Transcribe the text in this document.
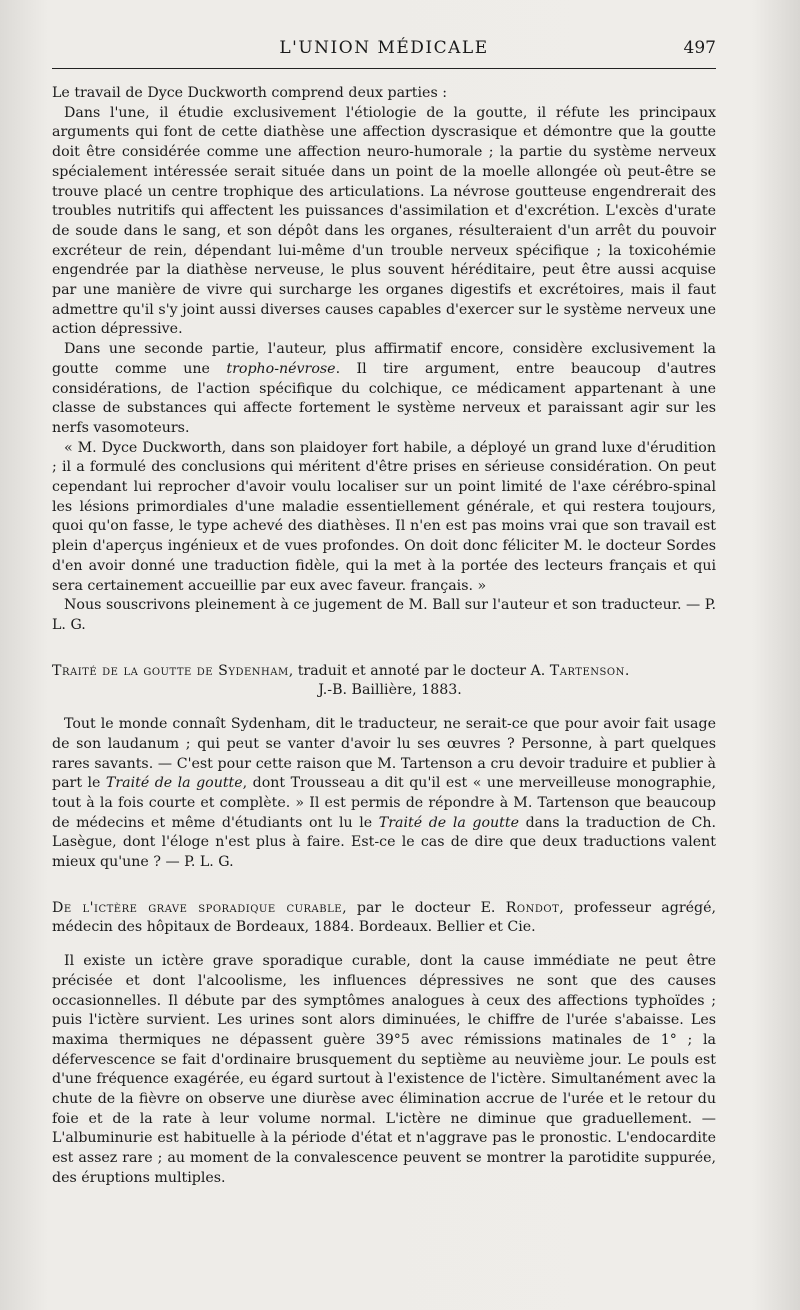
L'UNION MÉDICALE	497

Le travail de Dyce Duckworth comprend deux parties :

Dans l'une, il étudie exclusivement l'étiologie de la goutte, il réfute les principaux arguments qui font de cette diathèse une affection dyscrasique et démontre que la goutte doit être considérée comme une affection neuro-humorale ; la partie du système nerveux spécialement intéressée serait située dans un point de la moelle allongée où peut-être se trouve placé un centre trophique des articulations. La névrose goutteuse engendrerait des troubles nutritifs qui affectent les puissances d'assimilation et d'excrétion. L'excès d'urate de soude dans le sang, et son dépôt dans les organes, résulteraient d'un arrêt du pouvoir excréteur de rein, dépendant lui-même d'un trouble nerveux spécifique ; la toxicohémie engendrée par la diathèse nerveuse, le plus souvent héréditaire, peut être aussi acquise par une manière de vivre qui surcharge les organes digestifs et excrétoires, mais il faut admettre qu'il s'y joint aussi diverses causes capables d'exercer sur le système nerveux une action dépressive.

Dans une seconde partie, l'auteur, plus affirmatif encore, considère exclusivement la goutte comme une tropho-névrose. Il tire argument, entre beaucoup d'autres considérations, de l'action spécifique du colchique, ce médicament appartenant à une classe de substances qui affecte fortement le système nerveux et paraissant agir sur les nerfs vasomoteurs.

« M. Dyce Duckworth, dans son plaidoyer fort habile, a déployé un grand luxe d'érudition ; il a formulé des conclusions qui méritent d'être prises en sérieuse considération. On peut cependant lui reprocher d'avoir voulu localiser sur un point limité de l'axe cérébro-spinal les lésions primordiales d'une maladie essentiellement générale, et qui restera toujours, quoi qu'on fasse, le type achevé des diathèses. Il n'en est pas moins vrai que son travail est plein d'aperçus ingénieux et de vues profondes. On doit donc féliciter M. le docteur Sordes d'en avoir donné une traduction fidèle, qui la met à la portée des lecteurs français et qui sera certainement accueillie par eux avec faveur. français. »

Nous souscrivons pleinement à ce jugement de M. Ball sur l'auteur et son traducteur. — P. L. G.

Traité de la goutte de Sydenham, traduit et annoté par le docteur A. Tartenson.

J.-B. Baillière, 1883.

Tout le monde connaît Sydenham, dit le traducteur, ne serait-ce que pour avoir fait usage de son laudanum ; qui peut se vanter d'avoir lu ses œuvres ? Personne, à part quelques rares savants. — C'est pour cette raison que M. Tartenson a cru devoir traduire et publier à part le Traité de la goutte, dont Trousseau a dit qu'il est « une merveilleuse monographie, tout à la fois courte et complète. » Il est permis de répondre à M. Tartenson que beaucoup de médecins et même d'étudiants ont lu le Traité de la goutte dans la traduction de Ch. Lasègue, dont l'éloge n'est plus à faire. Est-ce le cas de dire que deux traductions valent mieux qu'une ? — P. L. G.

De l'ictère grave sporadique curable, par le docteur E. Rondot, professeur agrégé, médecin des hôpitaux de Bordeaux, 1884. Bordeaux. Bellier et Cie.

Il existe un ictère grave sporadique curable, dont la cause immédiate ne peut être précisée et dont l'alcoolisme, les influences dépressives ne sont que des causes occasionnelles. Il débute par des symptômes analogues à ceux des affections typhoïdes ; puis l'ictère survient. Les urines sont alors diminuées, le chiffre de l'urée s'abaisse. Les maxima thermiques ne dépassent guère 39°5 avec rémissions matinales de 1° ; la défervescence se fait d'ordinaire brusquement du septième au neuvième jour. Le pouls est d'une fréquence exagérée, eu égard surtout à l'existence de l'ictère. Simultanément avec la chute de la fièvre on observe une diurèse avec élimination accrue de l'urée et le retour du foie et de la rate à leur volume normal. L'ictère ne diminue que graduellement. — L'albuminurie est habituelle à la période d'état et n'aggrave pas le pronostic. L'endocardite est assez rare ; au moment de la convalescence peuvent se montrer la parotidite suppurée, des éruptions multiples.
